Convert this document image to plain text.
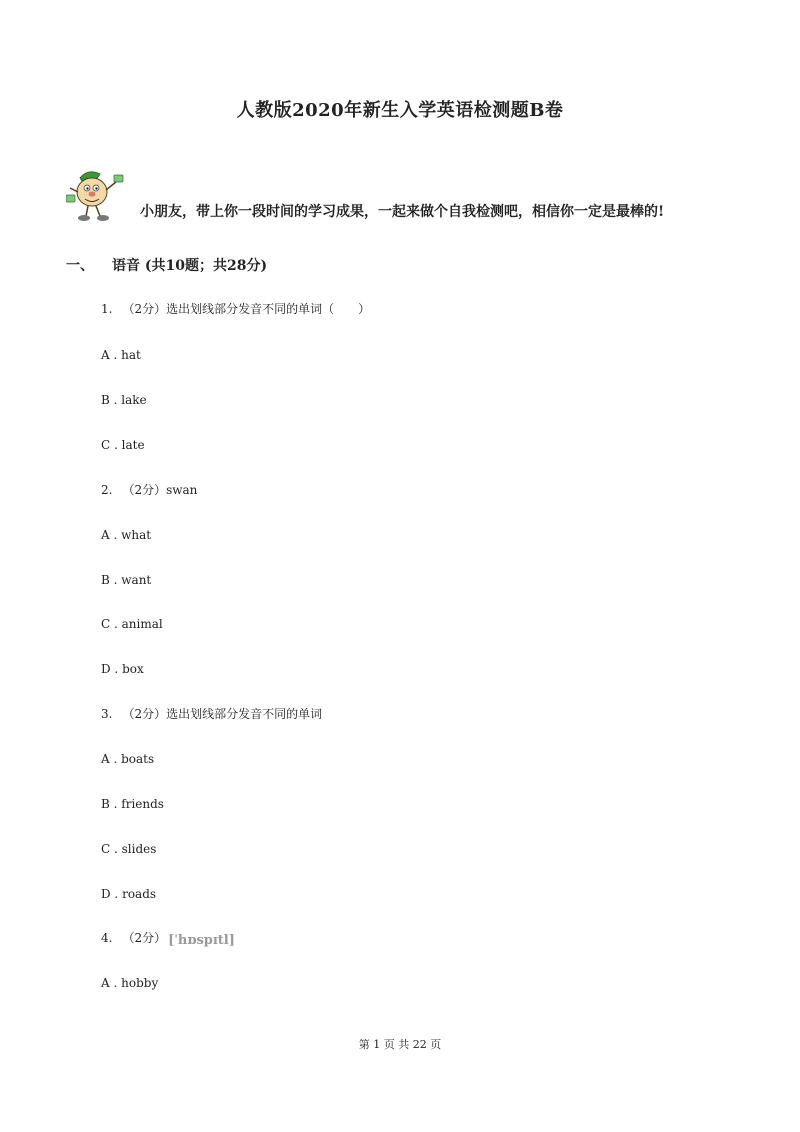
人教版2020年新生入学英语检测题B卷
小朋友，带上你一段时间的学习成果，一起来做个自我检测吧，相信你一定是最棒的!
一、 语音 (共10题；共28分)
1. （2分）选出划线部分发音不同的单词（　　）
A . hat
B . lake
C . late
2. （2分）swan
A . what
B . want
C . animal
D . box
3. （2分）选出划线部分发音不同的单词
A . boats
B . friends
C . slides
D . roads
4. （2分） [ˈhɒspɪtl]
A . hobby
第 1 页 共 22 页
